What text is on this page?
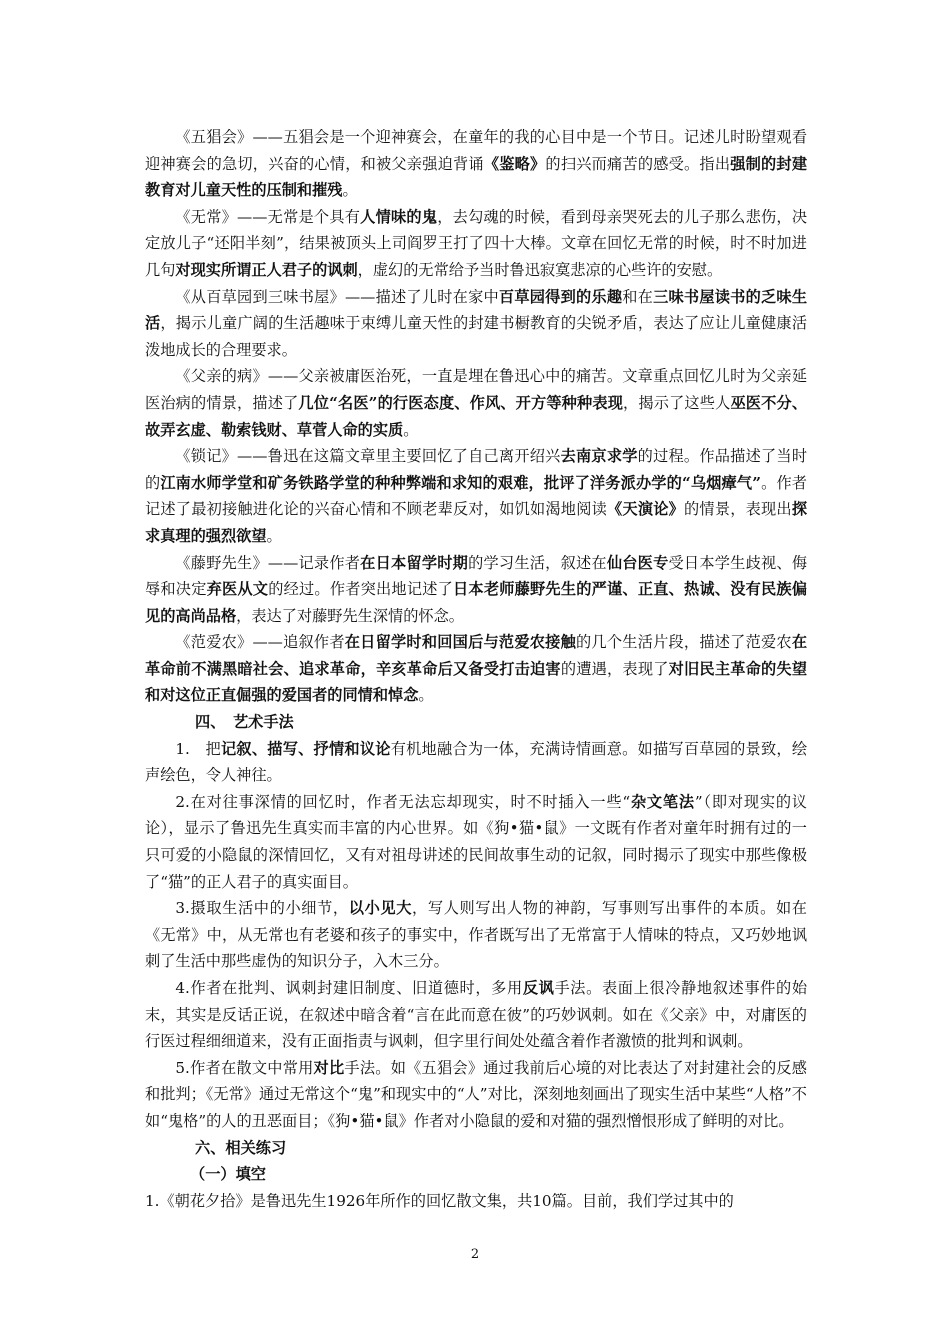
《五猖会》——五猖会是一个迎神赛会，在童年的我的心目中是一个节日。记述儿时盼望观看迎神赛会的急切，兴奋的心情，和被父亲强迫背诵《鉴略》的扫兴而痛苦的感受。指出强制的封建教育对儿童天性的压制和摧残。

《无常》——无常是个具有人情味的鬼，去勾魂的时候，看到母亲哭死去的儿子那么悲伤，决定放儿子“还阳半刻”，结果被顶头上司阎罗王打了四十大棒。文章在回忆无常的时候，时不时加进几句对现实所谓正人君子的讽刺，虚幻的无常给予当时鲁迅寂寞悲凉的心些许的安慰。

《从百草园到三味书屋》——描述了儿时在家中百草园得到的乐趣和在三味书屋读书的乏味生活，揭示儿童广阔的生活趣味于束缚儿童天性的封建书橱教育的尖锐矛盾，表达了应让儿童健康活泼地成长的合理要求。

《父亲的病》——父亲被庸医治死，一直是埋在鲁迅心中的痛苦。文章重点回忆儿时为父亲延医治病的情景，描述了几位“名医”的行医态度、作风、开方等种种表现，揭示了这些人巫医不分、故弄玄虚、勒索钱财、草菅人命的实质。

《锁记》——鲁迅在这篇文章里主要回忆了自己离开绍兴去南京求学的过程。作品描述了当时的江南水师学堂和矿务铁路学堂的种种弊端和求知的艰难，批评了洋务派办学的“乌烟瘴气”。作者记述了最初接触进化论的兴奋心情和不顾老辈反对，如饥如渴地阅读《天演论》的情景，表现出探求真理的强烈欲望。

《藤野先生》——记录作者在日本留学时期的学习生活，叙述在仙台医专受日本学生歧视、侮辱和决定弃医从文的经过。作者突出地记述了日本老师藤野先生的严谨、正直、热诚、没有民族偏见的高尚品格，表达了对藤野先生深情的怀念。

《范爱农》——追叙作者在日留学时和回国后与范爱农接触的几个生活片段，描述了范爱农在革命前不满黑暗社会、追求革命，辛亥革命后又备受打击迫害的遭遇，表现了对旧民主革命的失望和对这位正直倔强的爱国者的同情和悼念。

四、　艺术手法

1.　把记叙、描写、抒情和议论有机地融合为一体，充满诗情画意。如描写百草园的景致，绘声绘色，令人神往。

2.在对往事深情的回忆时，作者无法忘却现实，时不时插入一些“杂文笔法”（即对现实的议论），显示了鲁迅先生真实而丰富的内心世界。如《狗•猫•鼠》一文既有作者对童年时拥有过的一只可爱的小隐鼠的深情回忆，又有对祖母讲述的民间故事生动的记叙，同时揭示了现实中那些像极了“猫”的正人君子的真实面目。

3.摄取生活中的小细节，以小见大，写人则写出人物的神韵，写事则写出事件的本质。如在《无常》中，从无常也有老婆和孩子的事实中，作者既写出了无常富于人情味的特点，又巧妙地讽刺了生活中那些虚伪的知识分子，入木三分。

4.作者在批判、讽刺封建旧制度、旧道德时，多用反讽手法。表面上很冷静地叙述事件的始末，其实是反话正说，在叙述中暗含着“言在此而意在彼”的巧妙讽刺。如在《父亲》中，对庸医的行医过程细细道来，没有正面指责与讽刺，但字里行间处处蕴含着作者激愤的批判和讽刺。

5.作者在散文中常用对比手法。如《五猖会》通过我前后心境的对比表达了对封建社会的反感和批判；《无常》通过无常这个“鬼”和现实中的“人”对比，深刻地刻画出了现实生活中某些“人格”不如“鬼格”的人的丑恶面目；《狗•猫•鼠》作者对小隐鼠的爱和对猫的强烈憎恨形成了鲜明的对比。

六、相关练习

（一）填空

1.《朝花夕拾》是鲁迅先生1926年所作的回忆散文集，共10篇。目前，我们学过其中的

2
